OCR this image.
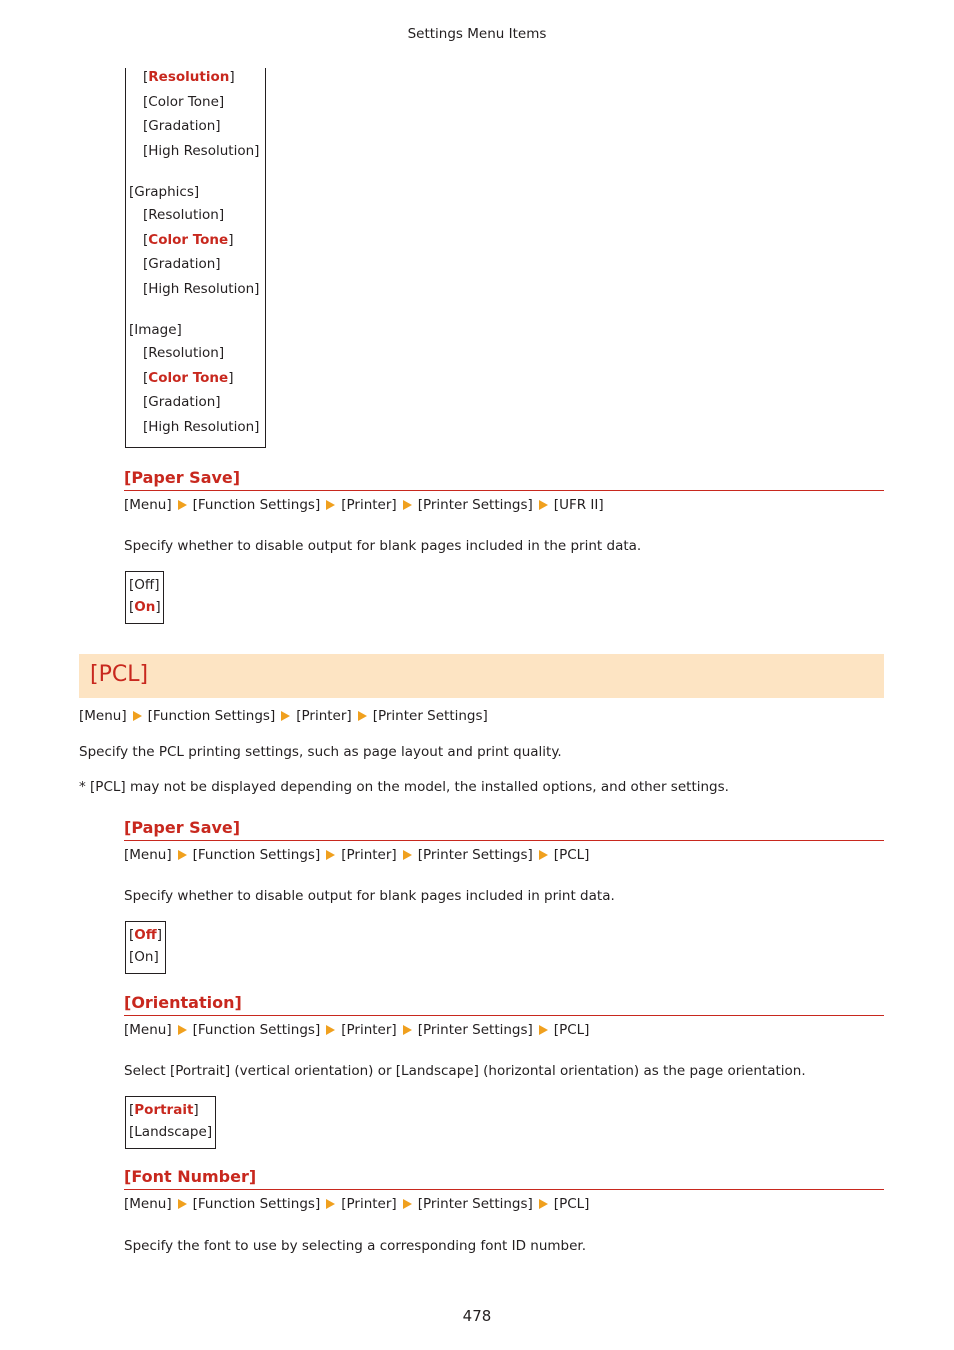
Settings Menu Items
[Resolution]
[Color Tone]
[Gradation]
[High Resolution]
[Graphics]
[Resolution]
[Color Tone]
[Gradation]
[High Resolution]
[Image]
[Resolution]
[Color Tone]
[Gradation]
[High Resolution]
[Paper Save]
[Menu] [Function Settings] [Printer] [Printer Settings] [UFR II]
Specify whether to disable output for blank pages included in the print data.
[Off]
[On]
[PCL]
[Menu] [Function Settings] [Printer] [Printer Settings]
Specify the PCL printing settings, such as page layout and print quality.
* [PCL] may not be displayed depending on the model, the installed options, and other settings.
[Paper Save]
[Menu] [Function Settings] [Printer] [Printer Settings] [PCL]
Specify whether to disable output for blank pages included in print data.
[Off]
[On]
[Orientation]
[Menu] [Function Settings] [Printer] [Printer Settings] [PCL]
Select [Portrait] (vertical orientation) or [Landscape] (horizontal orientation) as the page orientation.
[Portrait]
[Landscape]
[Font Number]
[Menu] [Function Settings] [Printer] [Printer Settings] [PCL]
Specify the font to use by selecting a corresponding font ID number.
478
